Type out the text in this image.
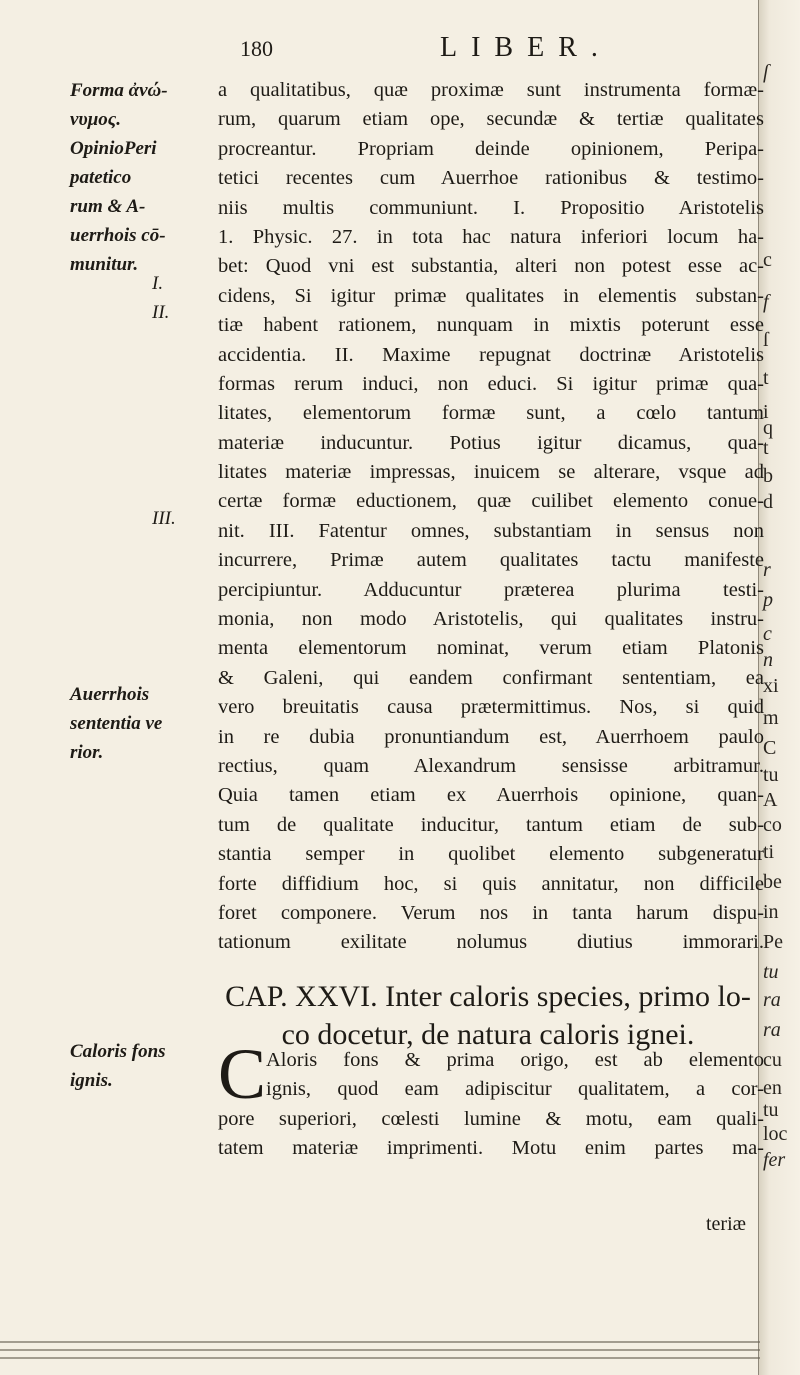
ſ
c
f
ſ
t
i
q
t
b
d
r
p
c
n
xi
m
C
tu
A
co
ti
be
in
Pe
tu
ra
ra
cu
en
tu
loc
fer
180	LIBER.
Forma ἀνώ-
νυμος.
OpinioPeri
patetico
rum & A-
uerrhois cō-
munitur.
I.
II.
III.
Auerrhois
sententia ve
rior.
Caloris fons
ignis.
a qualitatibus, quæ proximæ sunt instrumenta formæ-
rum, quarum etiam ope, secundæ & tertiæ qualitates
procreantur. Propriam deinde opinionem, Peripa-
tetici recentes cum Auerrhoe rationibus & testimo-
niis multis communiunt. I. Propositio Aristotelis
1. Physic. 27. in tota hac natura inferiori locum ha-
bet: Quod vni est substantia, alteri non potest esse ac-
cidens, Si igitur primæ qualitates in elementis substan-
tiæ habent rationem, nunquam in mixtis poterunt esse
accidentia. II. Maxime repugnat doctrinæ Aristotelis
formas rerum induci, non educi. Si igitur primæ qua-
litates, elementorum formæ sunt, a cœlo tantum
materiæ inducuntur. Potius igitur dicamus, qua-
litates materiæ impressas, inuicem se alterare, vsque ad
certæ formæ eductionem, quæ cuilibet elemento conue-
nit. III. Fatentur omnes, substantiam in sensus non
incurrere, Primæ autem qualitates tactu manifeste
percipiuntur. Adducuntur præterea plurima testi-
monia, non modo Aristotelis, qui qualitates instru-
menta elementorum nominat, verum etiam Platonis
& Galeni, qui eandem confirmant sententiam, ea
vero breuitatis causa prætermittimus. Nos, si quid
in re dubia pronuntiandum est, Auerrhoem paulo
rectius, quam Alexandrum sensisse arbitramur.
Quia tamen etiam ex Auerrhois opinione, quan-
tum de qualitate inducitur, tantum etiam de sub-
stantia semper in quolibet elemento subgeneratur
forte diffidium hoc, si quis annitatur, non difficile
foret componere. Verum nos in tanta harum dispu-
tationum exilitate nolumus diutius immorari.
CAP. XXVI. Inter caloris species, primo lo-
co docetur, de natura caloris ignei.
C Aloris fons & prima origo, est ab elemento
ignis, quod eam adipiscitur qualitatem, a cor-
pore superiori, cœlesti lumine & motu, eam quali-
tatem materiæ imprimenti. Motu enim partes ma-
teriæ
